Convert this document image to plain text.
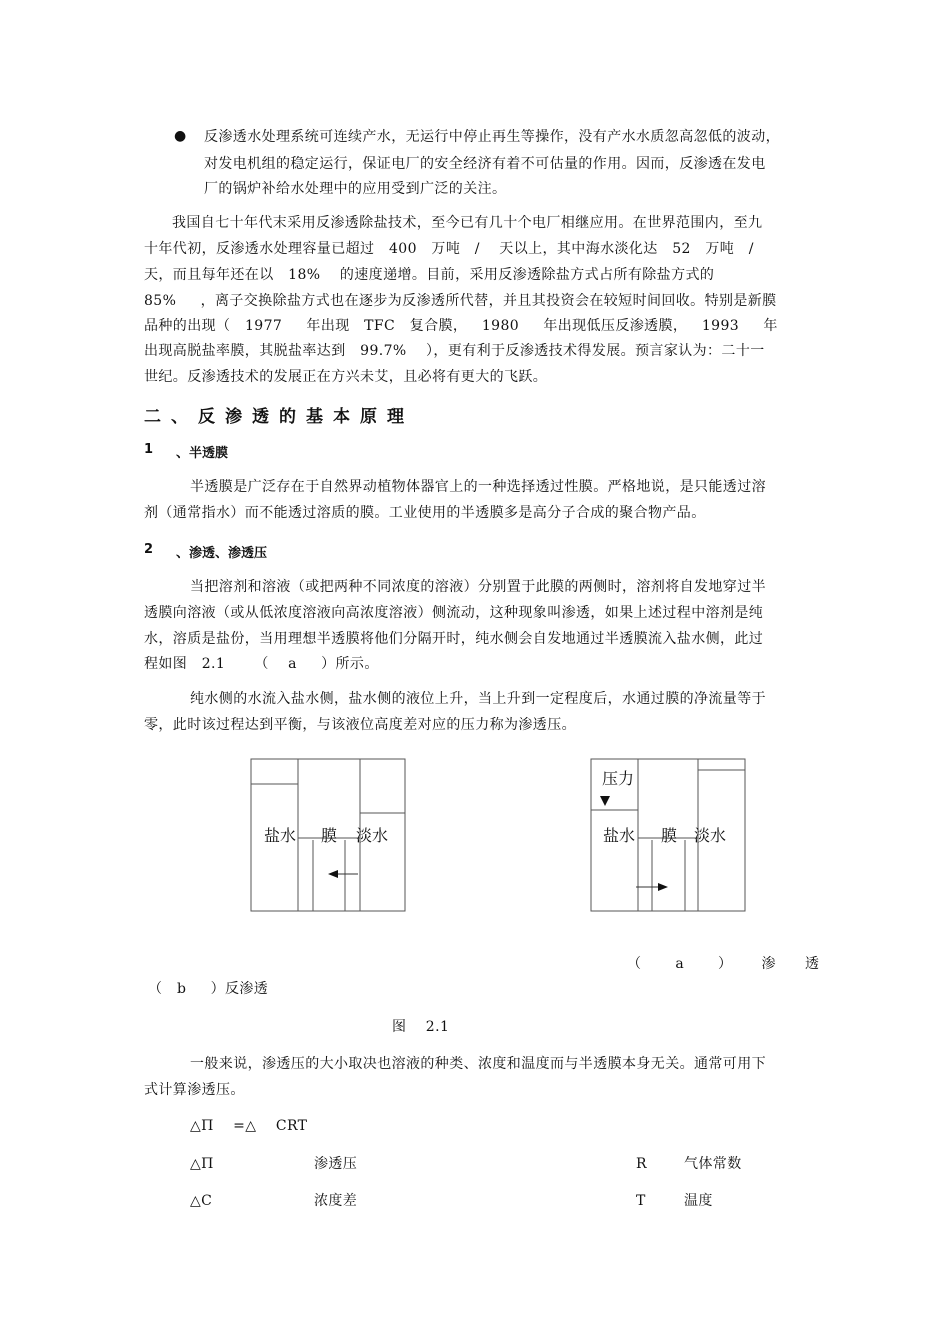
● 反渗透水处理系统可连续产水，无运行中停止再生等操作，没有产水水质忽高忽低的波动，
对发电机组的稳定运行，保证电厂的安全经济有着不可估量的作用。因而，反渗透在发电
厂的锅炉补给水处理中的应用受到广泛的关注。
我国自七十年代末采用反渗透除盐技术，至今已有几十个电厂相继应用。在世界范围内，至九
十年代初，反渗透水处理容量已超过   400   万吨   /    天以上，其中海水淡化达   52   万吨   /
天，而且每年还在以   18%    的速度递增。目前，采用反渗透除盐方式占所有除盐方式的
85%     ，离子交换除盐方式也在逐步为反渗透所代替，并且其投资会在较短时间回收。特别是新膜
品种的出现（   1977     年出现   TFC   复合膜，   1980     年出现低压反渗透膜，   1993     年
出现高脱盐率膜，其脱盐率达到   99.7%    ），更有利于反渗透技术得发展。预言家认为：二十一
世纪。反渗透技术的发展正在方兴未艾，且必将有更大的飞跃。
二、反渗透的基本原理
1 、半透膜
半透膜是广泛存在于自然界动植物体器官上的一种选择透过性膜。严格地说，是只能透过溶
剂（通常指水）而不能透过溶质的膜。工业使用的半透膜多是高分子合成的聚合物产品。
2 、渗透、渗透压
当把溶剂和溶液（或把两种不同浓度的溶液）分别置于此膜的两侧时，溶剂将自发地穿过半
透膜向溶液（或从低浓度溶液向高浓度溶液）侧流动，这种现象叫渗透，如果上述过程中溶剂是纯
水，溶质是盐份，当用理想半透膜将他们分隔开时，纯水侧会自发地通过半透膜流入盐水侧，此过
程如图   2.1      （    a     ）所示。
纯水侧的水流入盐水侧，盐水侧的液位上升，当上升到一定程度后，水通过膜的净流量等于
零，此时该过程达到平衡，与该液位高度差对应的压力称为渗透压。
盐水 膜 淡水
压力
盐水 膜 淡水
（       a       ）      渗      透
（   b     ）反渗透
图    2.1
一般来说，渗透压的大小取决也溶液的种类、浓度和温度而与半透膜本身无关。通常可用下
式计算渗透压。
△Π    =△    CRT
△Π	渗透压	R	气体常数
△C	浓度差	T	温度
